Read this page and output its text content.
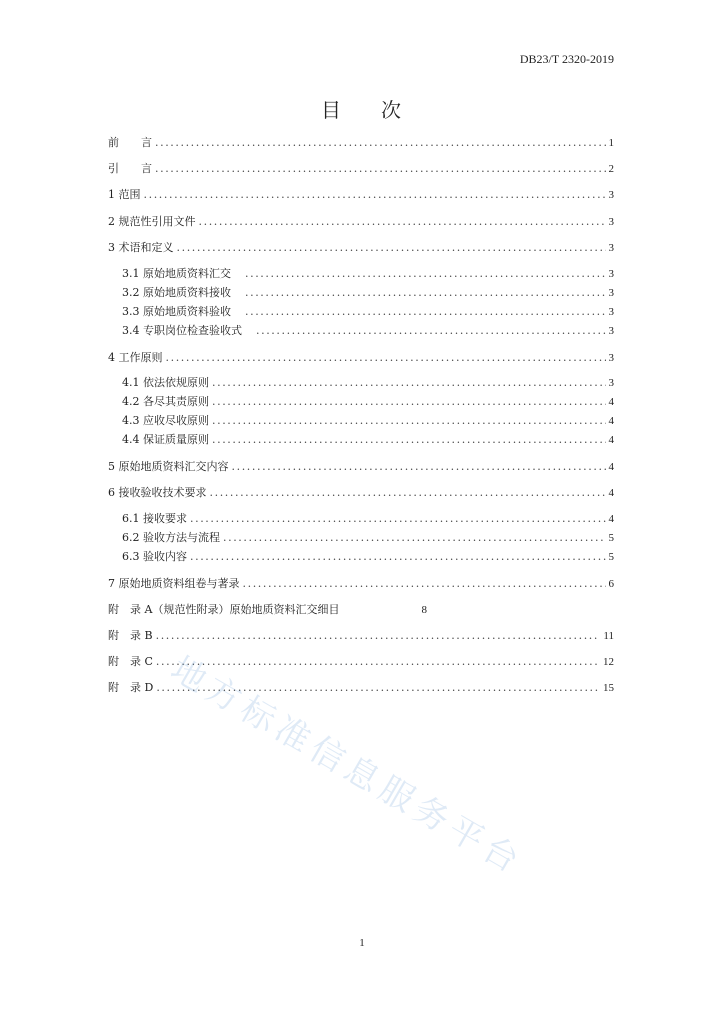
DB23/T 2320-2019
目 次
前　　言 .....	1
引　　言 .....	2
1 范围 .....	3
2 规范性引用文件 .....	3
3 术语和定义 .....	3
3.1 原始地质资料汇交 .....	3
3.2 原始地质资料接收 .....	3
3.3 原始地质资料验收 .....	3
3.4 专职岗位检查验收式 .....	3
4 工作原则 .....	3
4.1 依法依规原则 .....	3
4.2 各尽其责原则 .....	4
4.3 应收尽收原则 .....	4
4.4 保证质量原则 .....	4
5 原始地质资料汇交内容 .....	4
6 接收验收技术要求 .....	4
6.1 接收要求 .....	4
6.2 验收方法与流程 .....	5
6.3 验收内容 .....	5
7 原始地质资料组卷与著录 .....	6
附　录 A（规范性附录）原始地质资料汇交细目	8
附　录 B .....	11
附　录 C .....	12
附　录 D .....	15
地方标准信息服务平台
1
